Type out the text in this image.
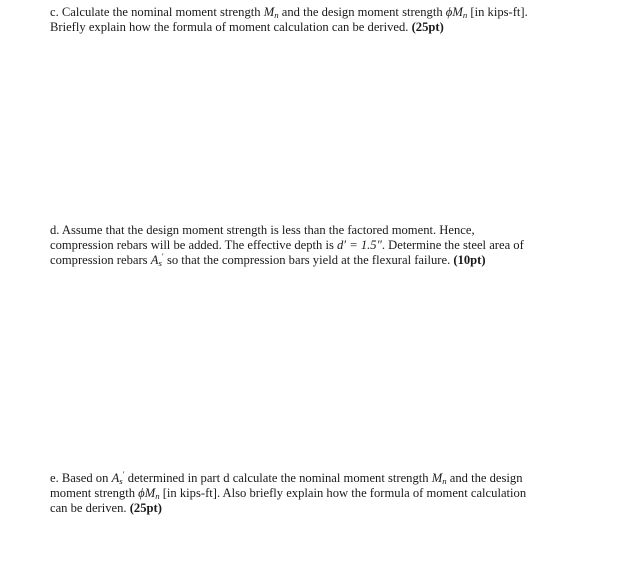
c. Calculate the nominal moment strength $M_n$ and the design moment strength $\phi M_n$ [in kips-ft].
Briefly explain how the formula of moment calculation can be derived. (25pt)
d. Assume that the design moment strength is less than the factored moment. Hence,
compression rebars will be added. The effective depth is d′ = 1.5″. Determine the steel area of
compression rebars $A_s'$ so that the compression bars yield at the flexural failure. (10pt)
e. Based on $A_s'$ determined in part d calculate the nominal moment strength $M_n$ and the design
moment strength $\phi M_n$ [in kips-ft]. Also briefly explain how the formula of moment calculation
can be deriven. (25pt)
